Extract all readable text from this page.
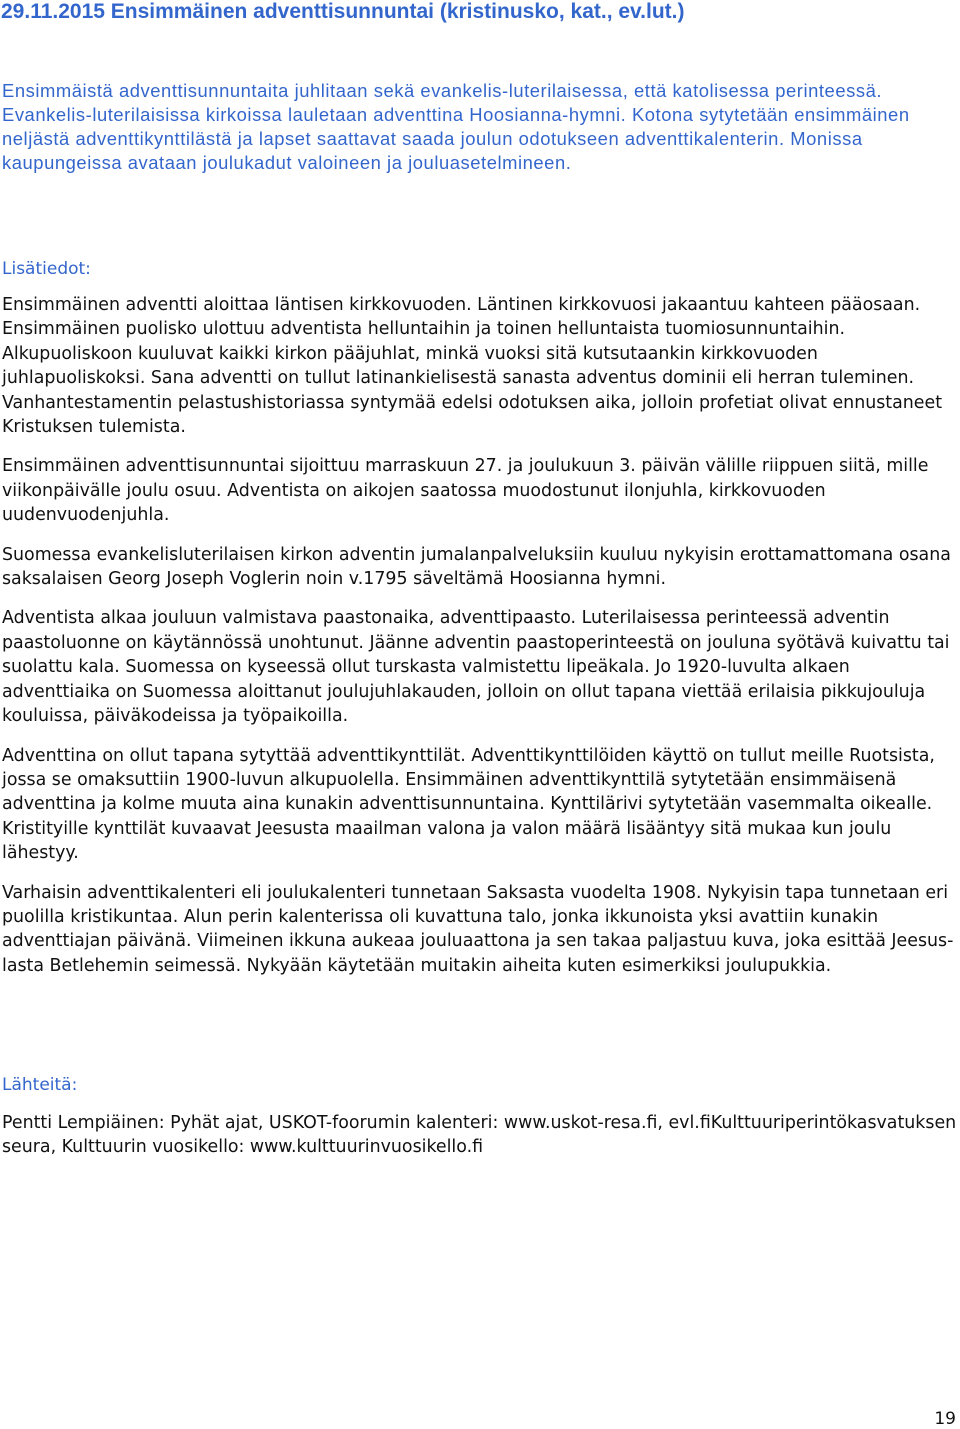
29.11.2015 Ensimmäinen adventtisunnuntai (kristinusko, kat., ev.lut.)

Ensimmäistä adventtisunnuntaita juhlitaan sekä evankelis-luterilaisessa, että katolisessa perinteessä. Evankelis-luterilaisissa kirkoissa lauletaan adventtina Hoosianna-hymni. Kotona sytytetään ensimmäinen neljästä adventtikynttilästä ja lapset saattavat saada joulun odotukseen adventtikalenterin. Monissa kaupungeissa avataan joulukadut valoineen ja jouluasetelmineen.

Lisätiedot:

Ensimmäinen adventti aloittaa läntisen kirkkovuoden. Läntinen kirkkovuosi jakaantuu kahteen pääosaan. Ensimmäinen puolisko ulottuu adventista helluntaihin ja toinen helluntaista tuomiosunnuntaihin. Alkupuoliskoon kuuluvat kaikki kirkon pääjuhlat, minkä vuoksi sitä kutsutaankin kirkkovuoden juhlapuoliskoksi. Sana adventti on tullut latinankielisestä sanasta adventus dominii eli herran tuleminen. Vanhantestamentin pelastushistoriassa syntymää edelsi odotuksen aika, jolloin profetiat olivat ennustaneet Kristuksen tulemista.

Ensimmäinen adventtisunnuntai sijoittuu marraskuun 27. ja joulukuun 3. päivän välille riippuen siitä, mille viikonpäivälle joulu osuu. Adventista on aikojen saatossa muodostunut ilonjuhla, kirkkovuoden uudenvuodenjuhla.

Suomessa evankelisluterilaisen kirkon adventin jumalanpalveluksiin kuuluu nykyisin erottamattomana osana saksalaisen Georg Joseph Voglerin noin v.1795 säveltämä Hoosianna hymni.

Adventista alkaa jouluun valmistava paastonaika, adventtipaasto. Luterilaisessa perinteessä adventin paastoluonne on käytännössä unohtunut. Jäänne adventin paastoperinteestä on jouluna syötävä kuivattu tai suolattu kala. Suomessa on kyseessä ollut turskasta valmistettu lipeäkala. Jo 1920-luvulta alkaen adventtiaika on Suomessa aloittanut joulujuhlakauden, jolloin on ollut tapana viettää erilaisia pikkujouluja kouluissa, päiväkodeissa ja työpaikoilla.

Adventtina on ollut tapana sytyttää adventtikynttilät. Adventtikynttilöiden käyttö on tullut meille Ruotsista, jossa se omaksuttiin 1900-luvun alkupuolella. Ensimmäinen adventtikynttilä sytytetään ensimmäisenä adventtina ja kolme muuta aina kunakin adventtisunnuntaina. Kynttilärivi sytytetään vasemmalta oikealle. Kristityille kynttilät kuvaavat Jeesusta maailman valona ja valon määrä lisääntyy sitä mukaa kun joulu lähestyy.

Varhaisin adventtikalenteri eli joulukalenteri tunnetaan Saksasta vuodelta 1908. Nykyisin tapa tunnetaan eri puolilla kristikuntaa. Alun perin kalenterissa oli kuvattuna talo, jonka ikkunoista yksi avattiin kunakin adventtiajan päivänä. Viimeinen ikkuna aukeaa jouluaattona ja sen takaa paljastuu kuva, joka esittää Jeesus-lasta Betlehemin seimessä. Nykyään käytetään muitakin aiheita kuten esimerkiksi joulupukkia.

Lähteitä:

Pentti Lempiäinen: Pyhät ajat, USKOT-foorumin kalenteri: www.uskot-resa.fi, evl.fiKulttuuriperintökasvatuksen seura, Kulttuurin vuosikello: www.kulttuurinvuosikello.fi

19
